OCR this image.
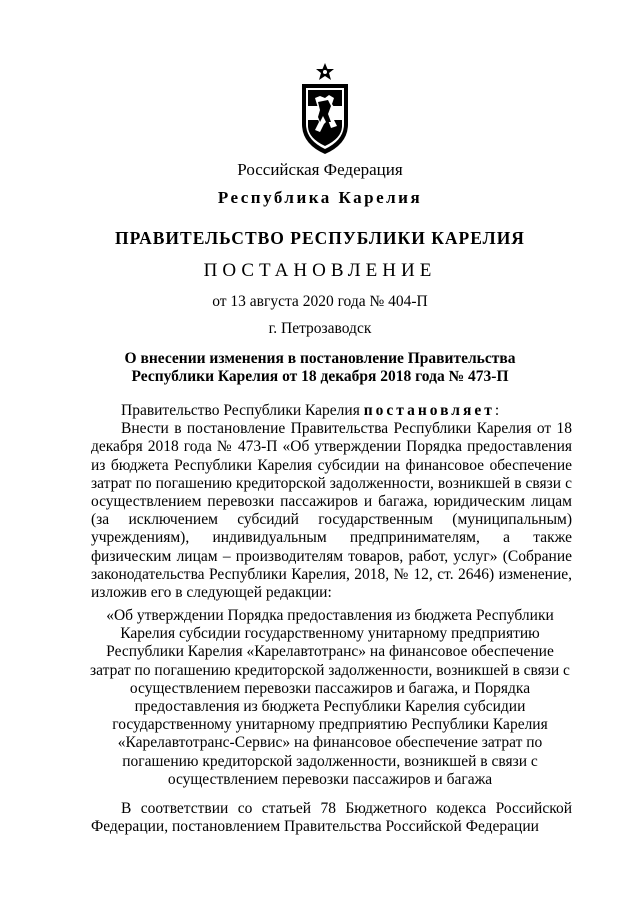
Российская Федерация
Республика Карелия
ПРАВИТЕЛЬСТВО РЕСПУБЛИКИ КАРЕЛИЯ
ПОСТАНОВЛЕНИЕ
от 13 августа 2020 года № 404-П
г. Петрозаводск
О внесении изменения в постановление Правительства
Республики Карелия от 18 декабря 2018 года № 473-П

Правительство Республики Карелия постановляет:

Внести в постановление Правительства Республики Карелия от 18 декабря 2018 года № 473-П «Об утверждении Порядка предоставления из бюджета Республики Карелия субсидии на финансовое обеспечение затрат по погашению кредиторской задолженности, возникшей в связи с осуществлением перевозки пассажиров и багажа, юридическим лицам (за исключением субсидий государственным (муниципальным) учреждениям), индивидуальным предпринимателям, а также физическим лицам – производителям товаров, работ, услуг» (Собрание законодательства Республики Карелия, 2018, № 12, ст. 2646) изменение, изложив его в следующей редакции:

«Об утверждении Порядка предоставления из бюджета Республики Карелия субсидии государственному унитарному предприятию Республики Карелия «Карелавтотранс» на финансовое обеспечение затрат по погашению кредиторской задолженности, возникшей в связи с осуществлением перевозки пассажиров и багажа, и Порядка предоставления из бюджета Республики Карелия субсидии государственному унитарному предприятию Республики Карелия «Карелавтотранс-Сервис» на финансовое обеспечение затрат по погашению кредиторской задолженности, возникшей в связи с осуществлением перевозки пассажиров и багажа

В соответствии со статьей 78 Бюджетного кодекса Российской Федерации, постановлением Правительства Российской Федерации
